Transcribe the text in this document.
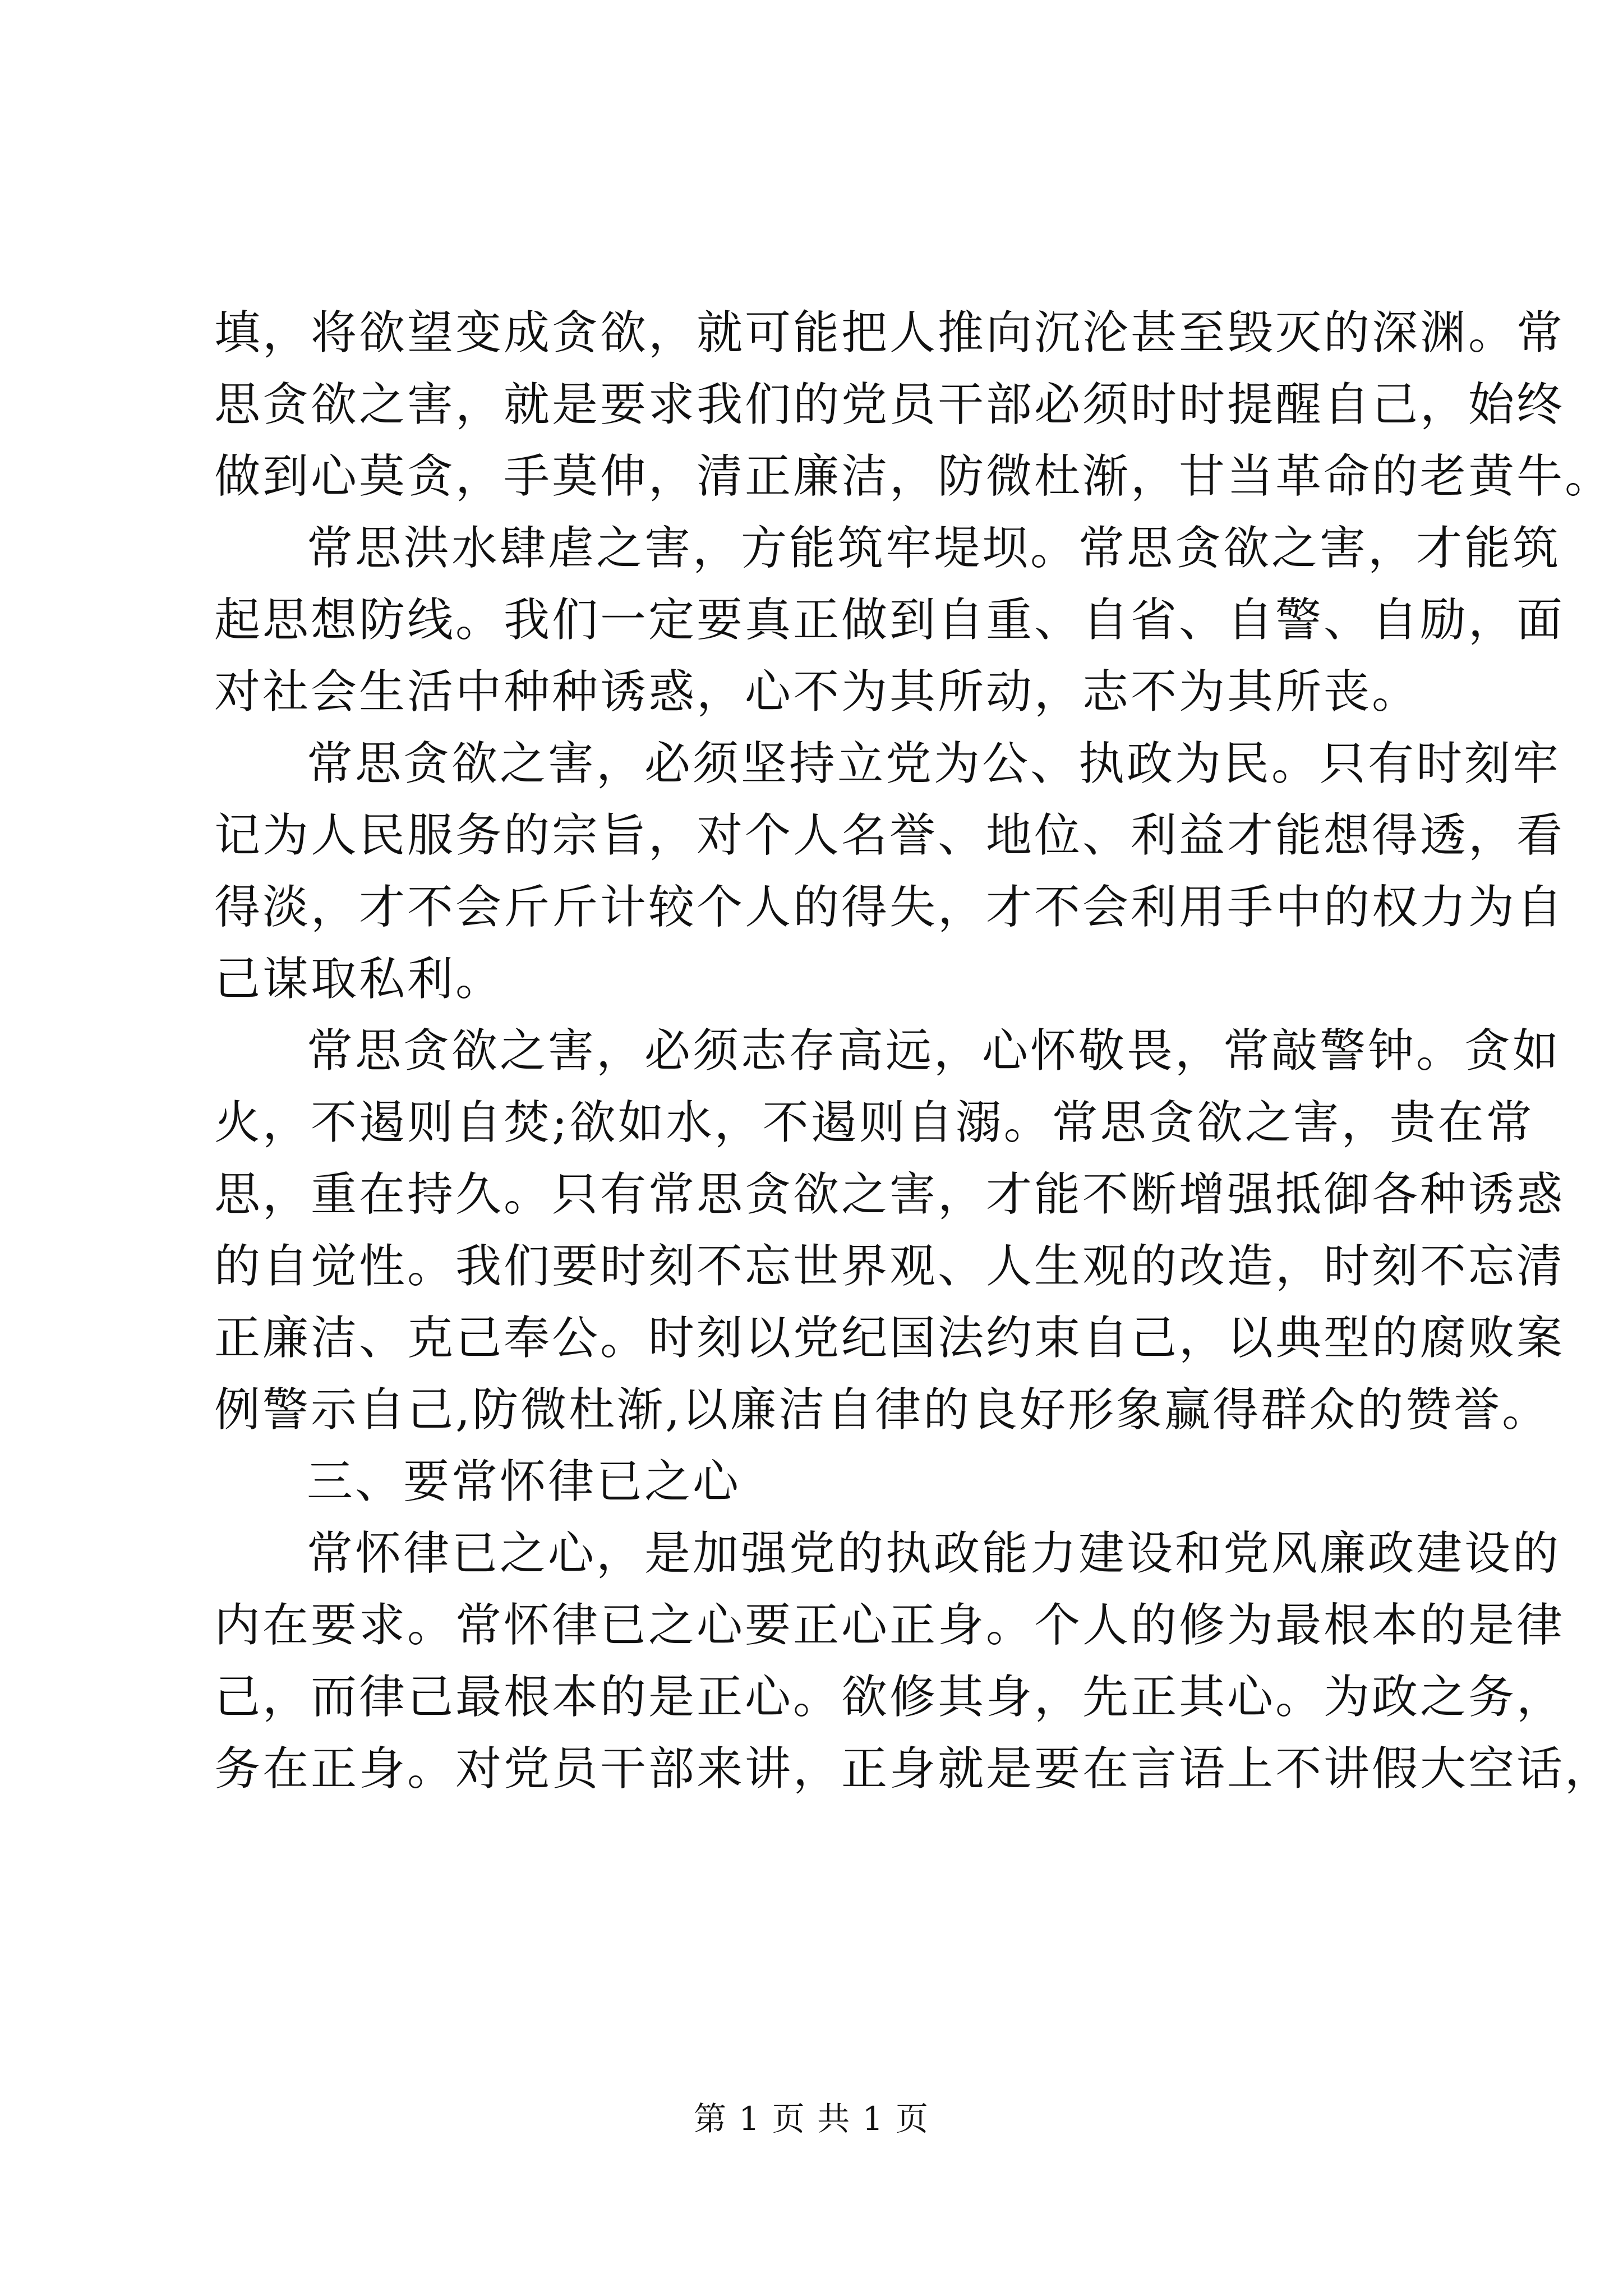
填，将欲望变成贪欲，就可能把人推向沉沦甚至毁灭的深渊。常
思贪欲之害，就是要求我们的党员干部必须时时提醒自己，始终
做到心莫贪，手莫伸，清正廉洁，防微杜渐，甘当革命的老黄牛。
常思洪水肆虐之害，方能筑牢堤坝。常思贪欲之害，才能筑
起思想防线。我们一定要真正做到自重、自省、自警、自励，面
对社会生活中种种诱惑，心不为其所动，志不为其所丧。
常思贪欲之害，必须坚持立党为公、执政为民。只有时刻牢
记为人民服务的宗旨，对个人名誉、地位、利益才能想得透，看
得淡，才不会斤斤计较个人的得失，才不会利用手中的权力为自
己谋取私利。
常思贪欲之害，必须志存高远，心怀敬畏，常敲警钟。贪如
火，不遏则自焚;欲如水，不遏则自溺。常思贪欲之害，贵在常
思，重在持久。只有常思贪欲之害，才能不断增强抵御各种诱惑
的自觉性。我们要时刻不忘世界观、人生观的改造，时刻不忘清
正廉洁、克己奉公。时刻以党纪国法约束自己，以典型的腐败案
例警示自己,防微杜渐,以廉洁自律的良好形象赢得群众的赞誉。
三、要常怀律已之心
常怀律已之心，是加强党的执政能力建设和党风廉政建设的
内在要求。常怀律已之心要正心正身。个人的修为最根本的是律
己，而律己最根本的是正心。欲修其身，先正其心。为政之务，
务在正身。对党员干部来讲，正身就是要在言语上不讲假大空话，
第 1 页 共 1 页
